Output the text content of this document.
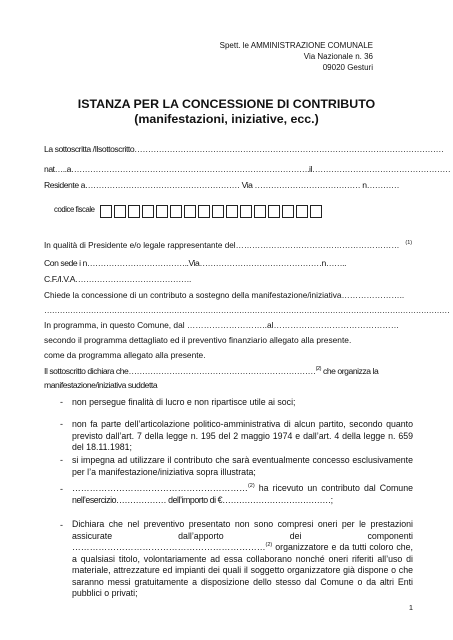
Spett. le AMMINISTRAZIONE COMUNALE
Via Nazionale n. 36
09020 Gesturi
ISTANZA PER LA CONCESSIONE DI CONTRIBUTO
(manifestazioni, iniziative, ecc.)
La sottoscritta /Ilsottoscritto……………………………………………………………………………………………………
nat…..a…………………………………………………………………………….il……………………………………………
Residente a………………………………………………… Via ………………………………… n…………
codice fiscale
In qualità di Presidente e/o legale rappresentante del…………………………………………………… $^{(1)}$
Con sede i n………………………………..Via………………………………………n……..
C.F./I.V.A…………………………………….
Chiede la concessione di un contributo a sostegno della manifestazione/iniziativa…………………..
…………………………………………………………………………………………………………………………………………
In programma, in questo Comune, dal ………………………..al………………………………………
secondo il programma dettagliato ed il preventivo finanziario allegato alla presente.
come da programma allegato alla presente.
Il sottoscritto dichiara che……………………………………………………………$^{(2)}$ che organizza la
manifestazione/iniziativa suddetta
- non persegue finalità di lucro e non ripartisce utile ai soci;
- non fa parte dell’articolazione politico-amministrativa di alcun partito, secondo quanto previsto dall’art. 7 della legge n. 195 del 2 maggio 1974 e dall’art. 4 della legge n. 659 del 18.11.1981;
- si impegna ad utilizzare il contributo che sarà eventualmente concesso esclusivamente per l’a manifestazione/iniziativa sopra illustrata;
- ……………………………………………………$^{(2)}$ ha ricevuto un contributo dal Comune
nell’esercizio……………… dell’importo di €…………………………………;
- Dichiara che nel preventivo presentato non sono compresi oneri per le prestazioni assicurate dall’apporto dei componenti …………………………………………………………$^{(2)}$ organizzatore e da tutti coloro che, a qualsiasi titolo, volontariamente ad essa collaborano nonché oneri riferiti all’uso di materiale, attrezzature ed impianti dei quali il soggetto organizzatore già dispone o che saranno messi gratuitamente a disposizione dello stesso dal Comune o da altri Enti pubblici o privati;
1
